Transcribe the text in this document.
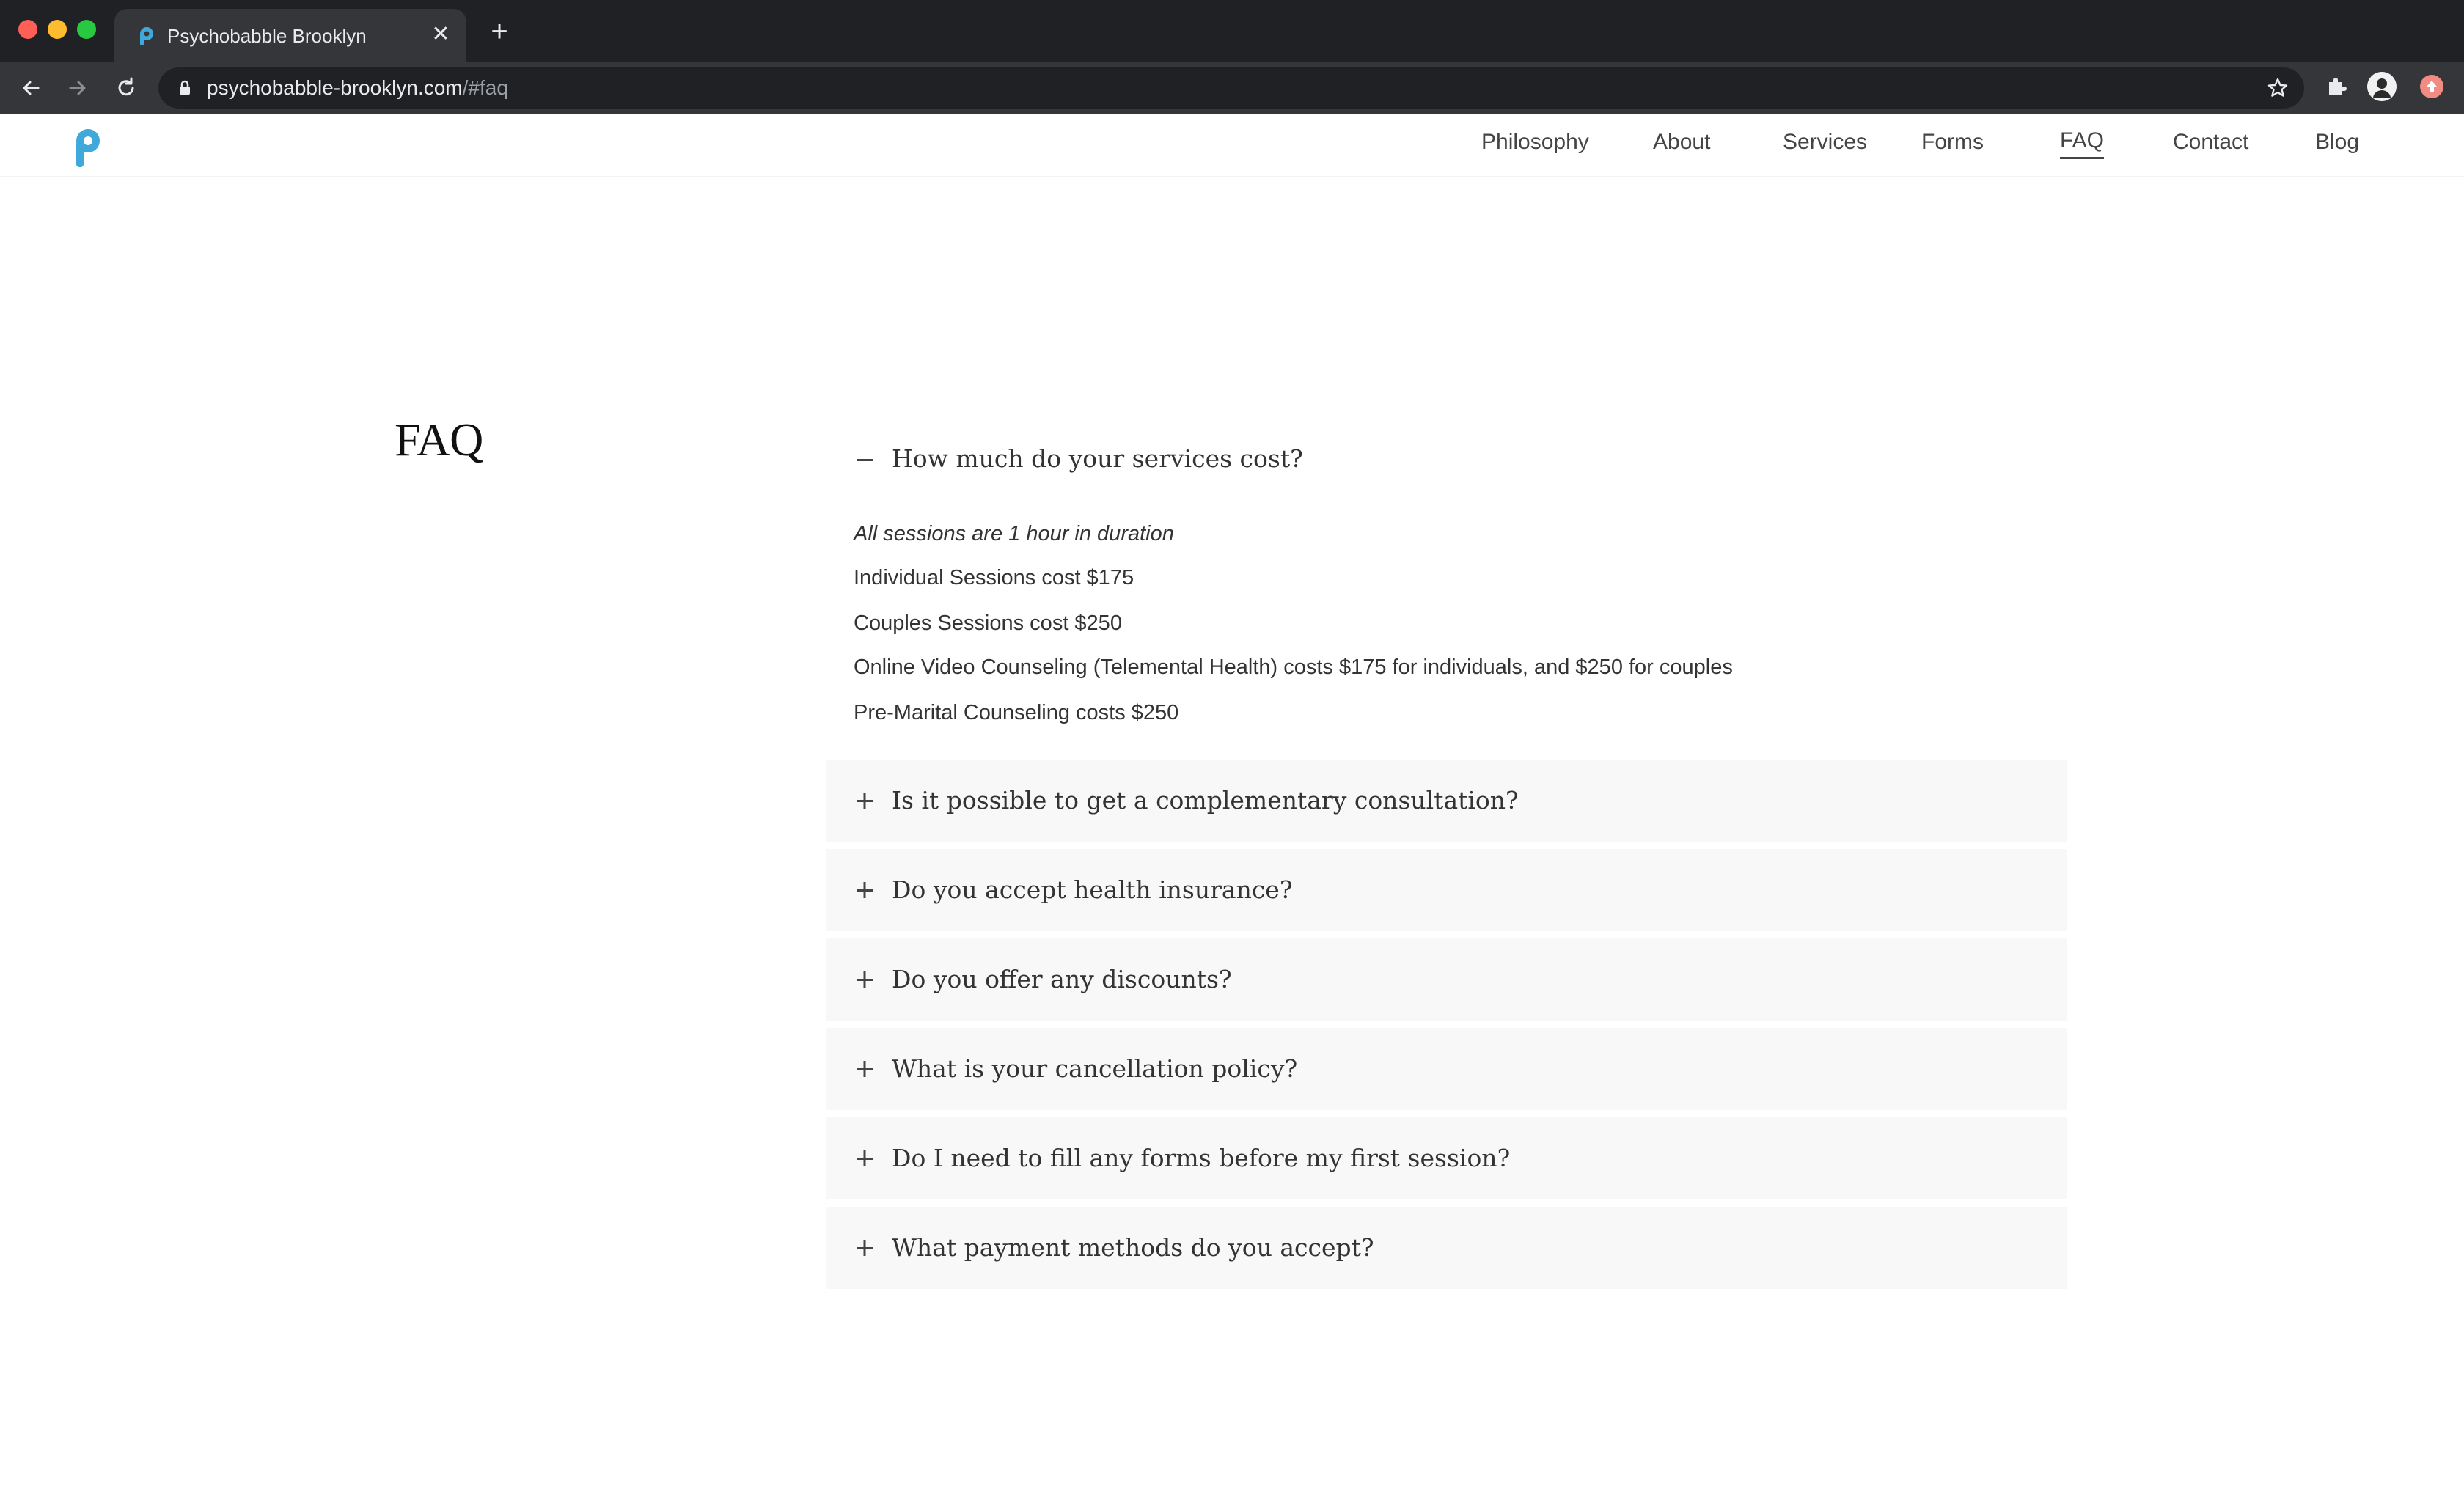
Psychobabble Brooklyn	✕ +
psychobabble-brooklyn.com/#faq
Philosophy	About	Services Forms	FAQ	Contact	Blog
FAQ	How much do your services cost?
All sessions are 1 hour in duration
Individual Sessions cost $175
Couples Sessions cost $250
Online Video Counseling (Telemental Health) costs $175 for individuals, and $250 for couples
Pre-Marital Counseling costs $250
Is it possible to get a complementary consultation?
Do you accept health insurance?
Do you offer any discounts?
What is your cancellation policy?
Do I need to fill any forms before my first session?
What payment methods do you accept?
